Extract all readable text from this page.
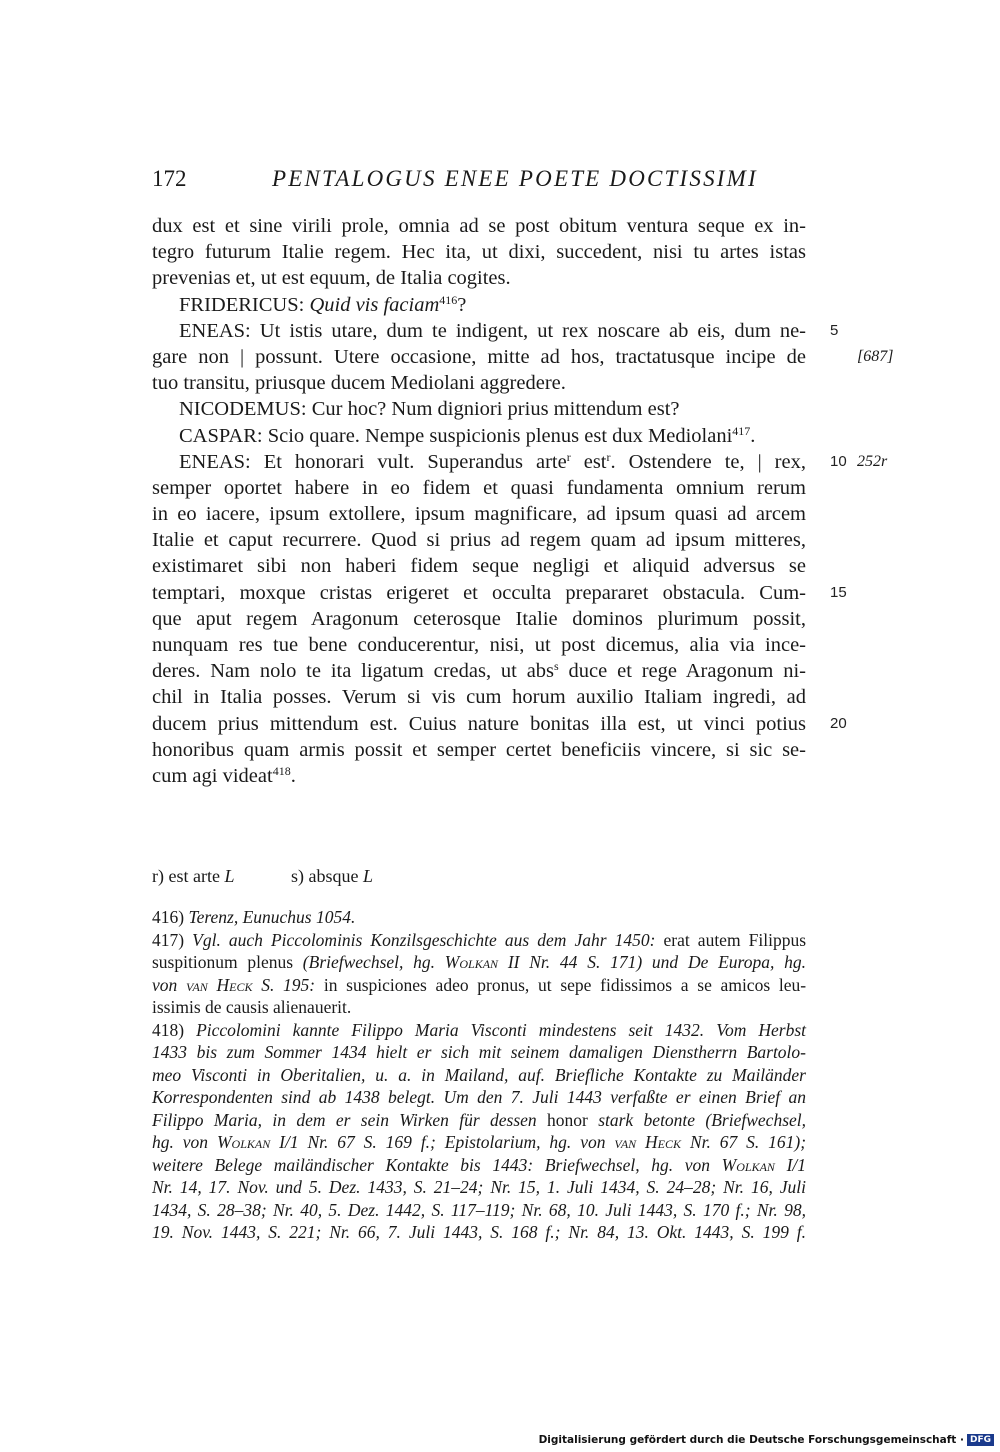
172	PENTALOGUS ENEE POETE DOCTISSIMI
dux est et sine virili prole, omnia ad se post obitum ventura seque ex in-
tegro futurum Italie regem. Hec ita, ut dixi, succedent, nisi tu artes istas
prevenias et, ut est equum, de Italia cogites.
FRIDERICUS: Quid vis faciam$^{416}$?
ENEAS: Ut istis utare, dum te indigent, ut rex noscare ab eis, dum ne- 5
gare non | possunt. Utere occasione, mitte ad hos, tractatusque incipe de	[687]
tuo transitu, priusque ducem Mediolani aggredere.
NICODEMUS: Cur hoc? Num digniori prius mittendum est?
CASPAR: Scio quare. Nempe suspicionis plenus est dux Mediolani$^{417}$.
ENEAS: Et honorari vult. Superandus arte$^r$ est$^r$. Ostendere te, | rex, 10 252r
semper oportet habere in eo fidem et quasi fundamenta omnium rerum
in eo iacere, ipsum extollere, ipsum magnificare, ad ipsum quasi ad arcem
Italie et caput recurrere. Quod si prius ad regem quam ad ipsum mitteres,
existimaret sibi non haberi fidem seque negligi et aliquid adversus se
temptari, moxque cristas erigeret et occulta prepararet obstacula. Cum- 15
que aput regem Aragonum ceterosque Italie dominos plurimum possit,
nunquam res tue bene conducerentur, nisi, ut post dicemus, alia via ince-
deres. Nam nolo te ita ligatum credas, ut abs$^s$ duce et rege Aragonum ni-
chil in Italia posses. Verum si vis cum horum auxilio Italiam ingredi, ad
ducem prius mittendum est. Cuius nature bonitas illa est, ut vinci potius 20
honoribus quam armis possit et semper certet beneficiis vincere, si sic se-
cum agi videat$^{418}$.
r) est arte L	s) absque L
416) Terenz, Eunuchus 1054.
417) Vgl. auch Piccolominis Konzilsgeschichte aus dem Jahr 1450: erat autem Filippus
suspitionum plenus (Briefwechsel, hg. Wolkan II Nr. 44 S. 171) und De Europa, hg.
von van Heck S. 195: in suspiciones adeo pronus, ut sepe fidissimos a se amicos leu-
issimis de causis alienauerit.
418) Piccolomini kannte Filippo Maria Visconti mindestens seit 1432. Vom Herbst
1433 bis zum Sommer 1434 hielt er sich mit seinem damaligen Dienstherrn Bartolo-
meo Visconti in Oberitalien, u. a. in Mailand, auf. Briefliche Kontakte zu Mailänder
Korrespondenten sind ab 1438 belegt. Um den 7. Juli 1443 verfaßte er einen Brief an
Filippo Maria, in dem er sein Wirken für dessen honor stark betonte (Briefwechsel,
hg. von Wolkan I/1 Nr. 67 S. 169 f.; Epistolarium, hg. von van Heck Nr. 67 S. 161);
weitere Belege mailändischer Kontakte bis 1443: Briefwechsel, hg. von Wolkan I/1
Nr. 14, 17. Nov. und 5. Dez. 1433, S. 21–24; Nr. 15, 1. Juli 1434, S. 24–28; Nr. 16, Juli
1434, S. 28–38; Nr. 40, 5. Dez. 1442, S. 117–119; Nr. 68, 10. Juli 1443, S. 170 f.; Nr. 98,
19. Nov. 1443, S. 221; Nr. 66, 7. Juli 1443, S. 168 f.; Nr. 84, 13. Okt. 1443, S. 199 f.
Digitalisierung gefördert durch die Deutsche Forschungsgemeinschaft · DFG
